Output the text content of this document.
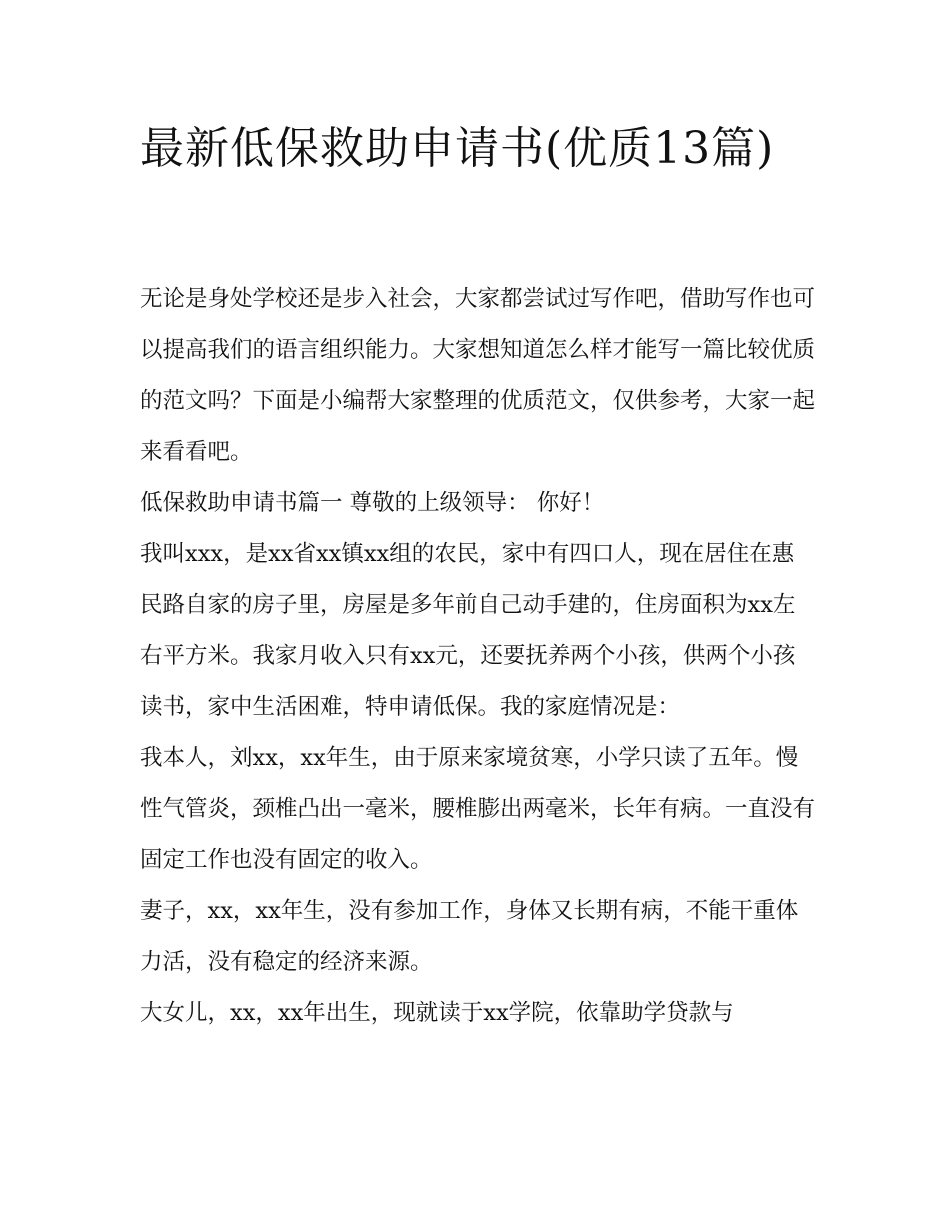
最新低保救助申请书(优质13篇)

无论是身处学校还是步入社会，大家都尝试过写作吧，借助写作也可以提高我们的语言组织能力。大家想知道怎么样才能写一篇比较优质的范文吗？下面是小编帮大家整理的优质范文，仅供参考，大家一起来看看吧。

低保救助申请书篇一 尊敬的上级领导： 你好！

我叫xxx，是xx省xx镇xx组的农民，家中有四口人，现在居住在惠民路自家的房子里，房屋是多年前自己动手建的，住房面积为xx左右平方米。我家月收入只有xx元，还要抚养两个小孩，供两个小孩读书，家中生活困难，特申请低保。我的家庭情况是：

我本人，刘xx，xx年生，由于原来家境贫寒，小学只读了五年。慢性气管炎，颈椎凸出一毫米，腰椎膨出两毫米，长年有病。一直没有固定工作也没有固定的收入。

妻子，xx，xx年生，没有参加工作，身体又长期有病，不能干重体力活，没有稳定的经济来源。

大女儿，xx，xx年出生，现就读于xx学院，依靠助学贷款与
